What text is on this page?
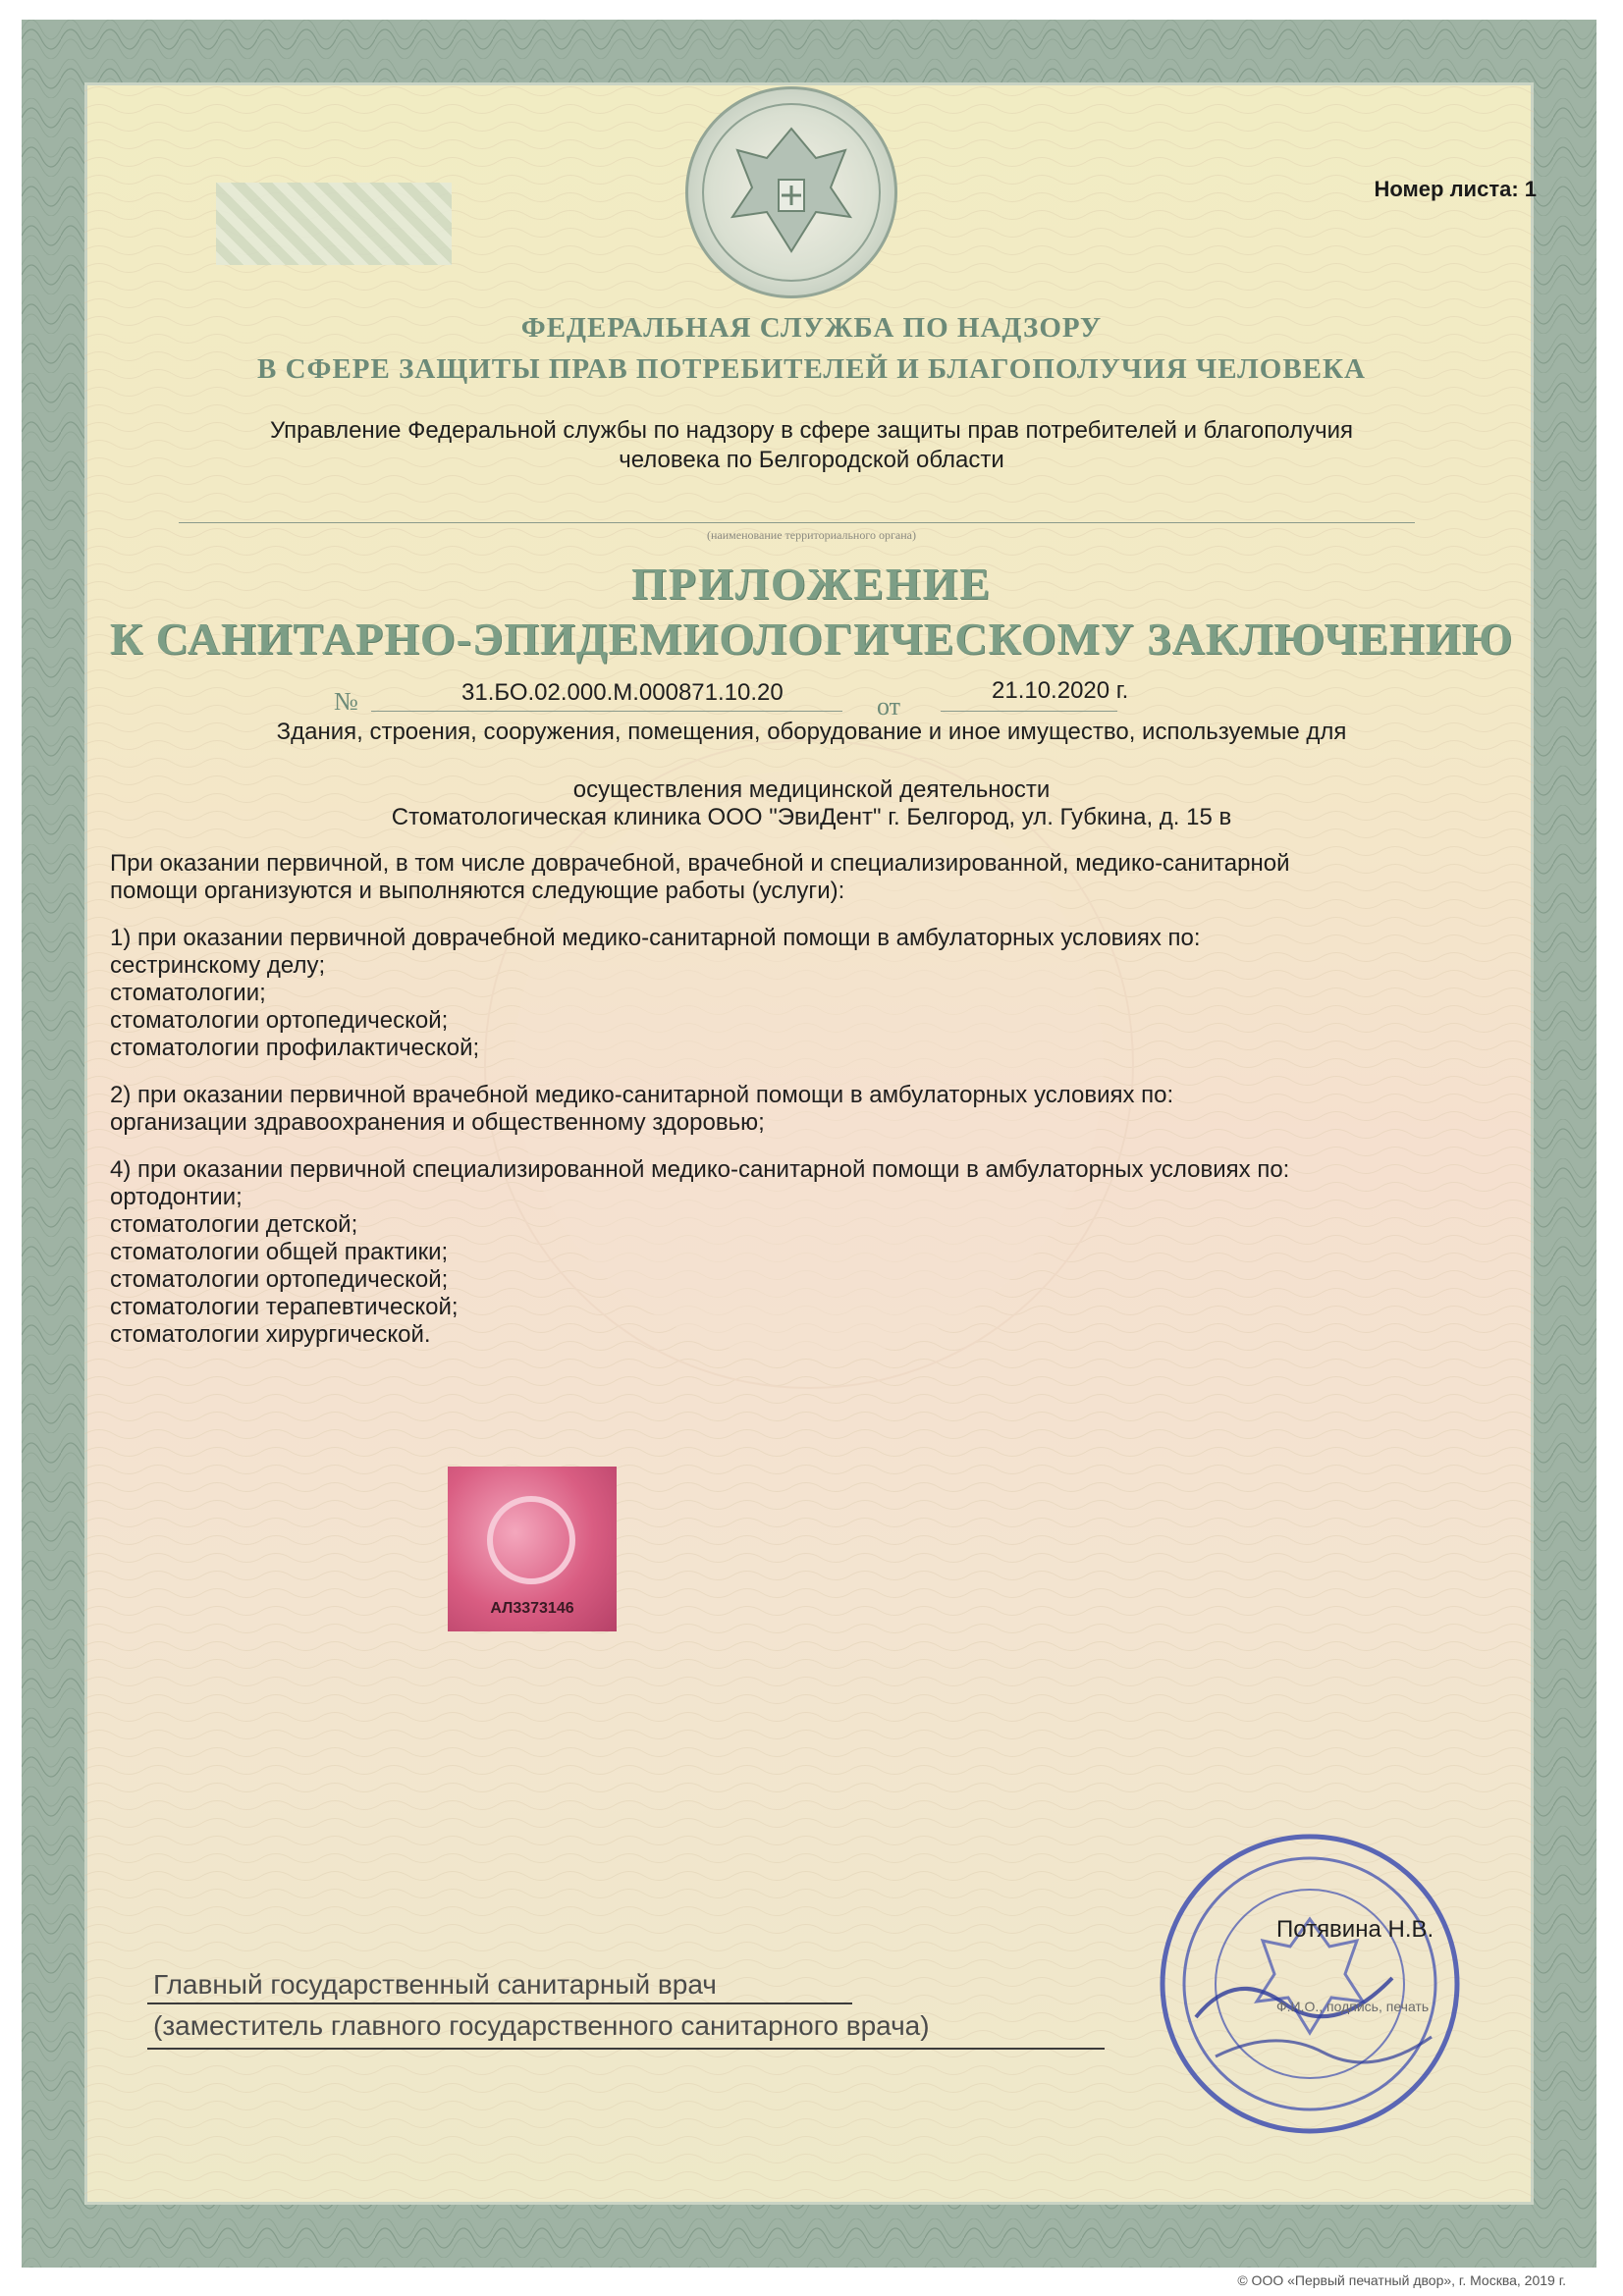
Номер листа: 1
ФЕДЕРАЛЬНАЯ СЛУЖБА ПО НАДЗОРУ
В СФЕРЕ ЗАЩИТЫ ПРАВ ПОТРЕБИТЕЛЕЙ И БЛАГОПОЛУЧИЯ ЧЕЛОВЕКА
Управление Федеральной службы по надзору в сфере защиты прав потребителей и благополучия
человека по Белгородской области
(наименование территориального органа)
ПРИЛОЖЕНИЕ
К САНИТАРНО-ЭПИДЕМИОЛОГИЧЕСКОМУ ЗАКЛЮЧЕНИЮ
№	31.БО.02.000.М.000871.10.20	от
21.10.2020 г.
Здания, строения, сооружения, помещения, оборудование и иное имущество, используемые для
осуществления медицинской деятельности
Стоматологическая клиника ООО "ЭвиДент" г. Белгород, ул. Губкина, д. 15 в

При оказании первичной, в том числе доврачебной, врачебной и специализированной, медико-санитарной
помощи организуются и выполняются следующие работы (услуги):

1) при оказании первичной доврачебной медико-санитарной помощи в амбулаторных условиях по:
сестринскому делу;
стоматологии;
стоматологии ортопедической;
стоматологии профилактической;

2) при оказании первичной врачебной медико-санитарной помощи в амбулаторных условиях по:
организации здравоохранения и общественному здоровью;

4) при оказании первичной специализированной медико-санитарной помощи в амбулаторных условиях по:
ортодонтии;
стоматологии детской;
стоматологии общей практики;
стоматологии ортопедической;
стоматологии терапевтической;
стоматологии хирургической.

АЛ3373146
Главный государственный санитарный врач
(заместитель главного государственного санитарного врача)
Потявина Н.В.
Ф.И.О., подпись, печать
© ООО «Первый печатный двор», г. Москва, 2019 г.
